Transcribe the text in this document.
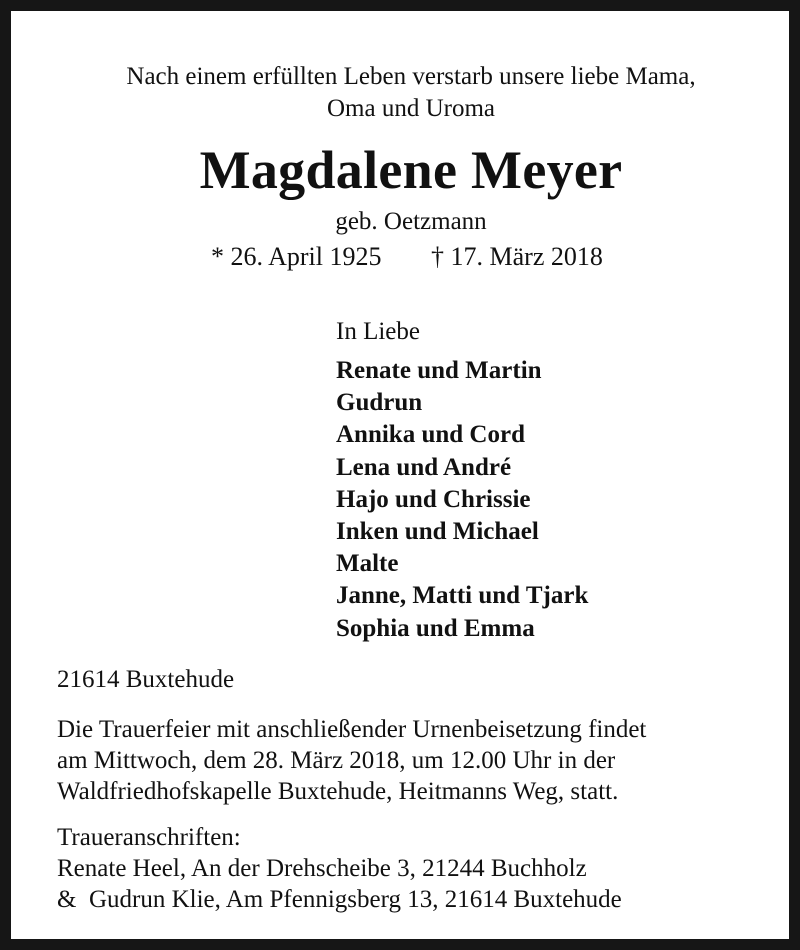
Nach einem erfüllten Leben verstarb unsere liebe Mama,
Oma und Uroma
Magdalene Meyer
geb. Oetzmann
* 26. April 1925 † 17. März 2018
In Liebe
Renate und Martin
Gudrun
Annika und Cord
Lena und André
Hajo und Chrissie
Inken und Michael
Malte
Janne, Matti und Tjark
Sophia und Emma
21614 Buxtehude
Die Trauerfeier mit anschließender Urnenbeisetzung findet
am Mittwoch, dem 28. März 2018, um 12.00 Uhr in der
Waldfriedhofskapelle Buxtehude, Heitmanns Weg, statt.
Traueranschriften:
Renate Heel, An der Drehscheibe 3, 21244 Buchholz
&  Gudrun Klie, Am Pfennigsberg 13, 21614 Buxtehude
